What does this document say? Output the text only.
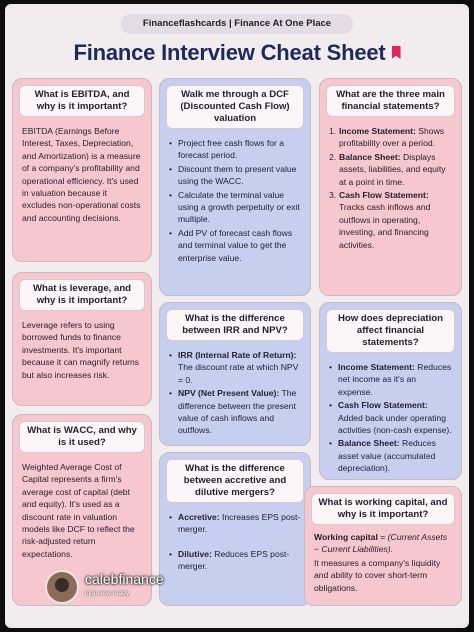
Financeflashcards | Finance At One Place
Finance Interview Cheat Sheet
What is EBITDA, and why is it important?
EBITDA (Earnings Before Interest, Taxes, Depreciation, and Amortization) is a measure of a company's profitability and operational efficiency. It's used in valuation because it excludes non-operational costs and accounting decisions.
What is leverage, and why is it important?
Leverage refers to using borrowed funds to finance investments. It's important because it can magnify returns but also increases risk.
What is WACC, and why is it used?
Weighted Average Cost of Capital represents a firm's average cost of capital (debt and equity). It's used as a discount rate in valuation models like DCF to reflect the risk-adjusted return expectations.
Walk me through a DCF (Discounted Cash Flow) valuation
• Project free cash flows for a forecast period.
• Discount them to present value using the WACC.
• Calculate the terminal value using a growth perpetuity or exit multiple.
• Add PV of forecast cash flows and terminal value to get the enterprise value.
What is the difference between IRR and NPV?
• IRR (Internal Rate of Return): The discount rate at which NPV = 0.
• NPV (Net Present Value): The difference between the present value of cash inflows and outflows.
What is the difference between accretive and dilutive mergers?
• Accretive: Increases EPS post-merger.
• Dilutive: Reduces EPS post-merger.
What are the three main financial statements?
1. Income Statement: Shows profitability over a period.
2. Balance Sheet: Displays assets, liabilities, and equity at a point in time.
3. Cash Flow Statement: Tracks cash inflows and outflows in operating, investing, and financing activities.
How does depreciation affect financial statements?
• Income Statement: Reduces net income as it's an expense.
• Cash Flow Statement: Added back under operating activities (non-cash expense).
• Balance Sheet: Reduces asset value (accumulated depreciation).
What is working capital, and why is it important?
Working capital = (Current Assets − Current Liabilities).
It measures a company's liquidity and ability to cover short-term obligations.
calebfinance
interview-ready
